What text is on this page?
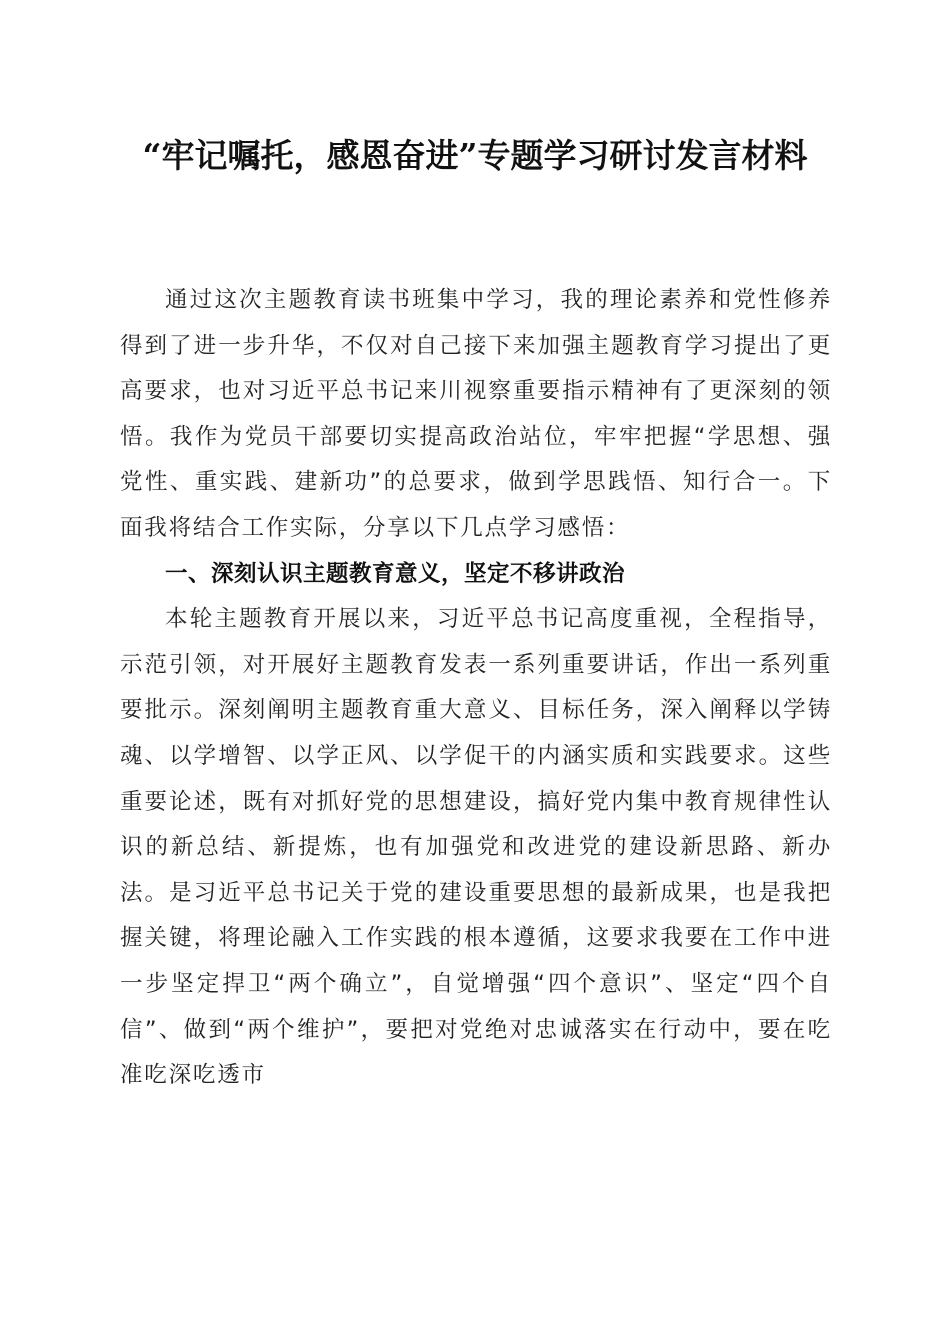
“牢记嘱托，感恩奋进”专题学习研讨发言材料

通过这次主题教育读书班集中学习，我的理论素养和党性修养得到了进一步升华，不仅对自己接下来加强主题教育学习提出了更高要求，也对习近平总书记来川视察重要指示精神有了更深刻的领悟。我作为党员干部要切实提高政治站位，牢牢把握“学思想、强党性、重实践、建新功”的总要求，做到学思践悟、知行合一。下面我将结合工作实际，分享以下几点学习感悟：

一、深刻认识主题教育意义，坚定不移讲政治

本轮主题教育开展以来，习近平总书记高度重视，全程指导，示范引领，对开展好主题教育发表一系列重要讲话，作出一系列重要批示。深刻阐明主题教育重大意义、目标任务，深入阐释以学铸魂、以学增智、以学正风、以学促干的内涵实质和实践要求。这些重要论述，既有对抓好党的思想建设，搞好党内集中教育规律性认识的新总结、新提炼，也有加强党和改进党的建设新思路、新办法。是习近平总书记关于党的建设重要思想的最新成果，也是我把握关键，将理论融入工作实践的根本遵循，这要求我要在工作中进一步坚定捍卫“两个确立”，自觉增强“四个意识”、坚定“四个自信”、做到“两个维护”，要把对党绝对忠诚落实在行动中，要在吃准吃深吃透市
